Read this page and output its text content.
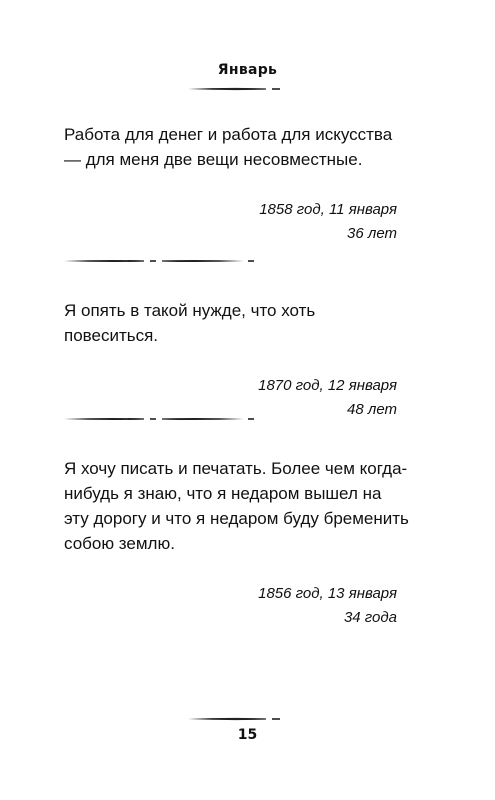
Январь

Работа для денег и работа для искусства — для меня две вещи несовместные.

1858 год, 11 января
36 лет

Я опять в такой нужде, что хоть повеситься.

1870 год, 12 января
48 лет

Я хочу писать и печатать. Более чем когда-нибудь я знаю, что я недаром вышел на эту дорогу и что я недаром буду бременить собою землю.

1856 год, 13 января
34 года
15
